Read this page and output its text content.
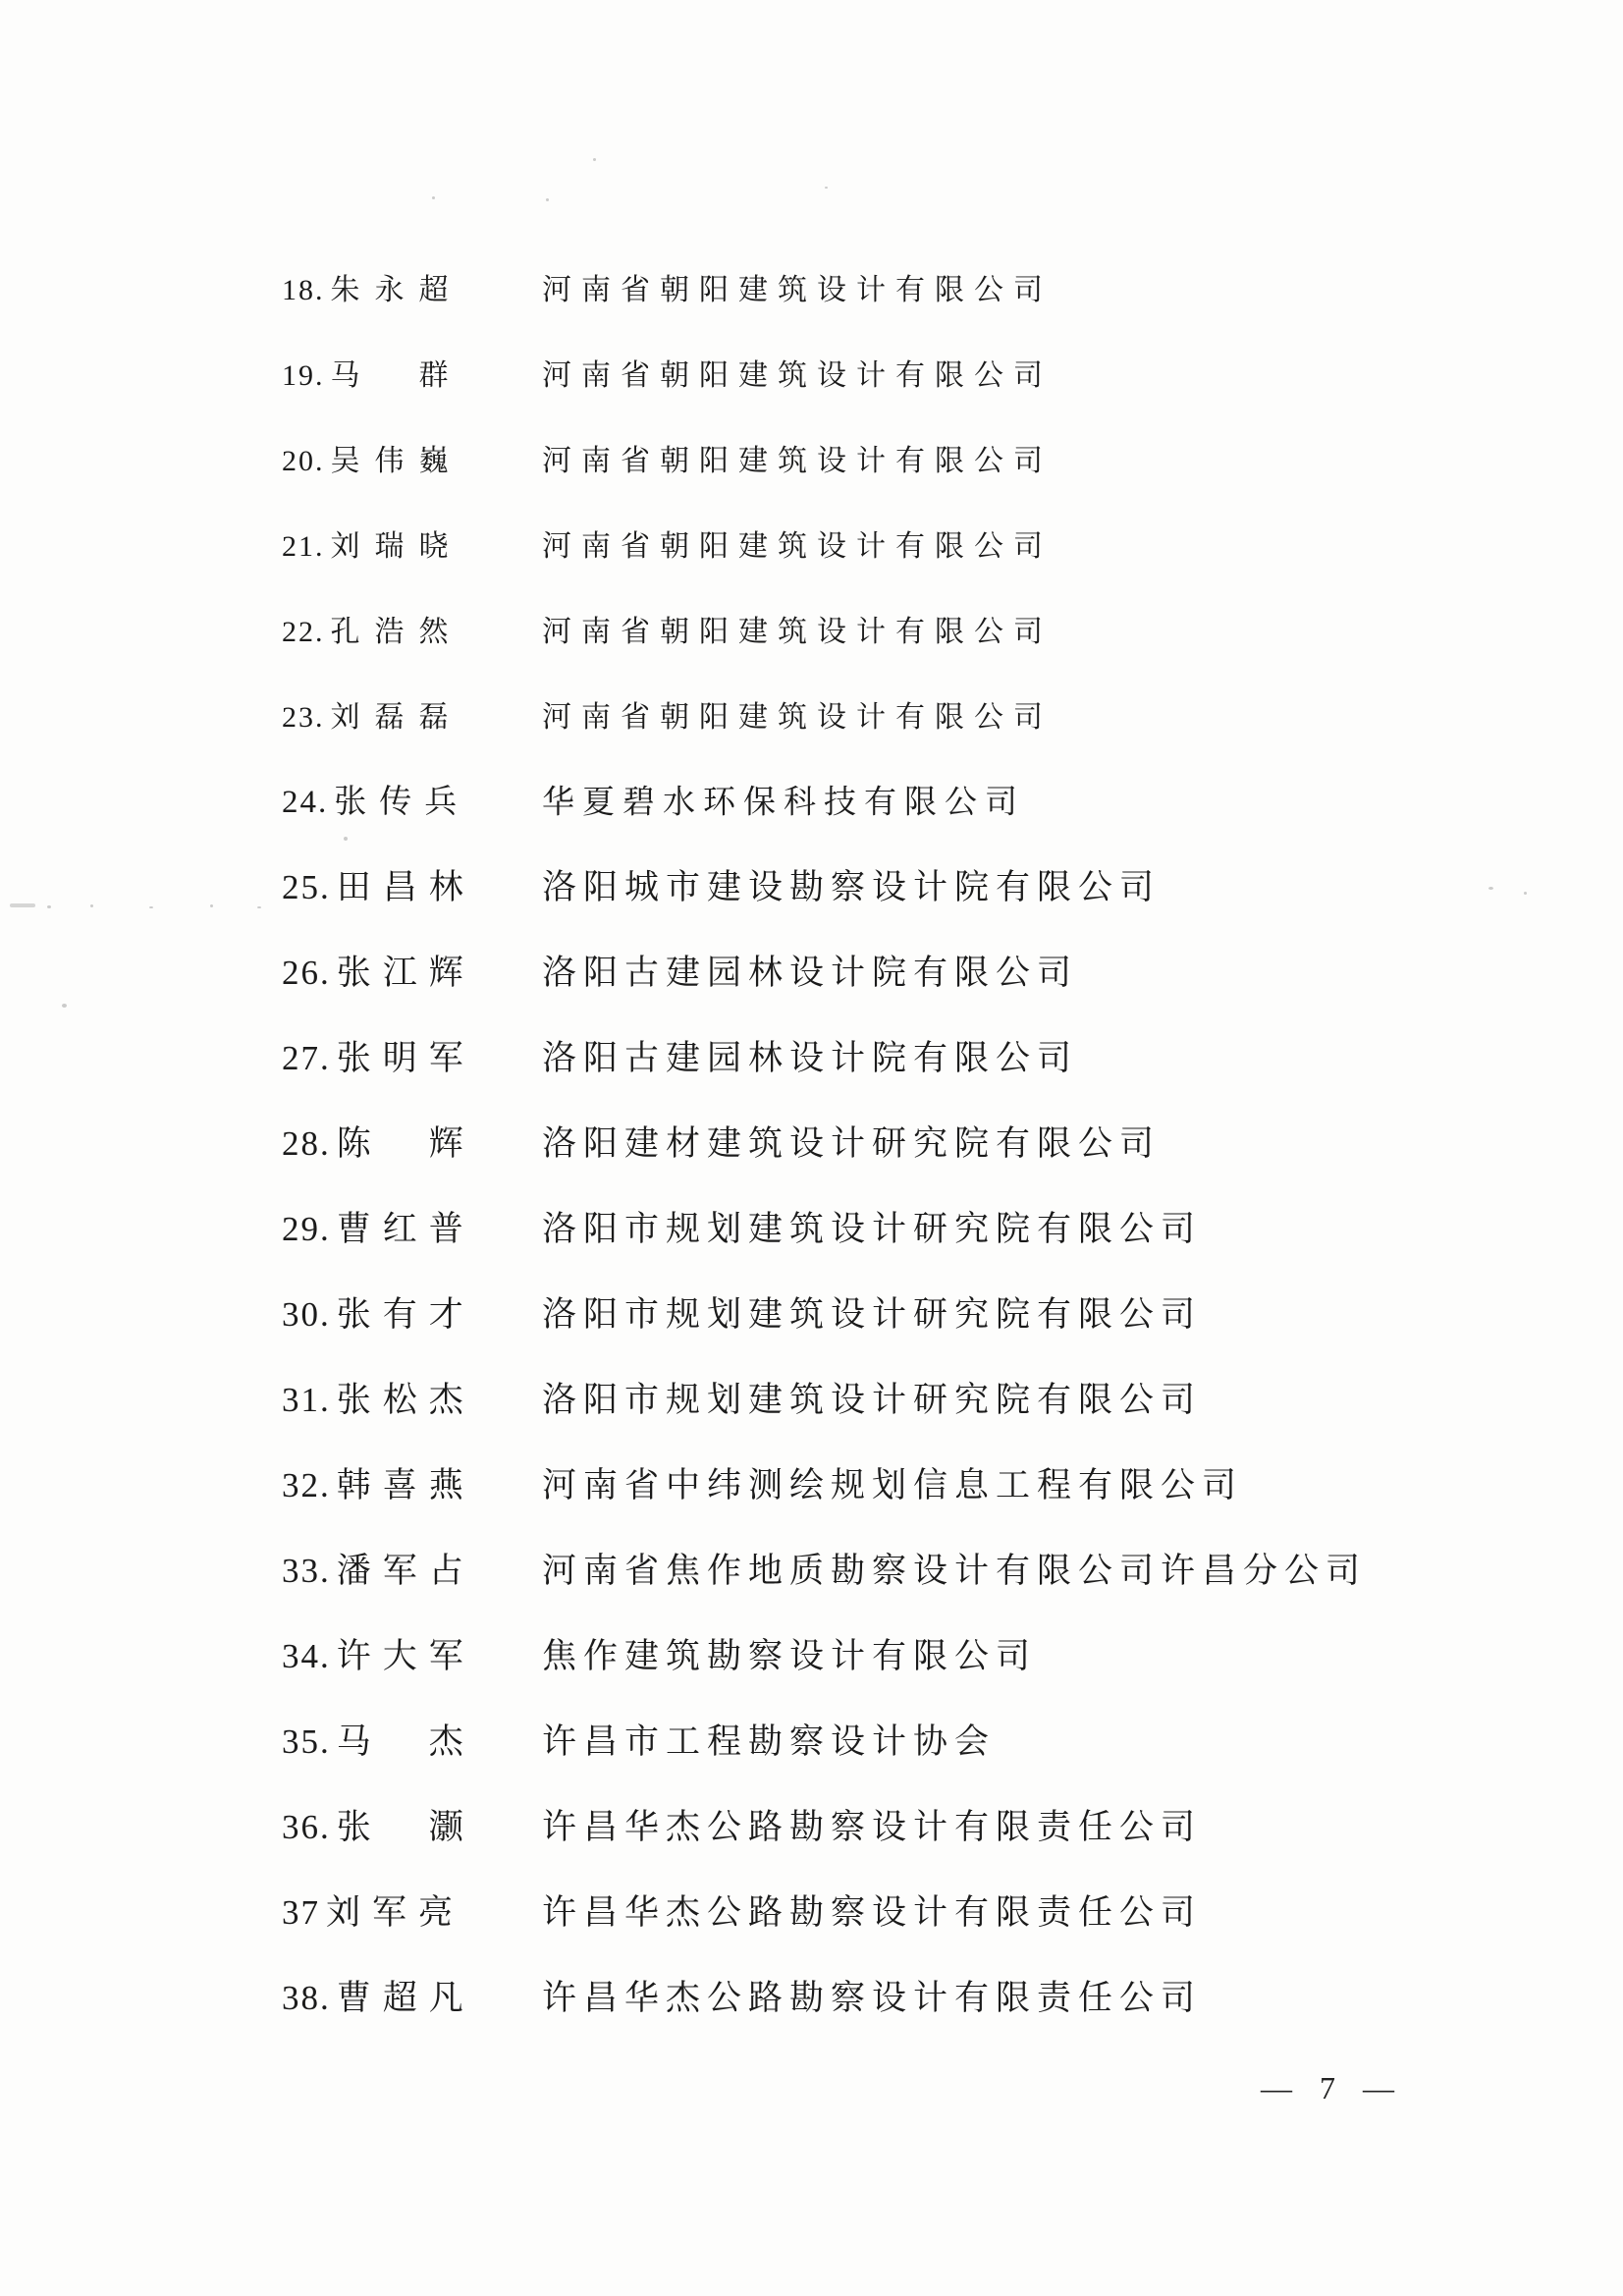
18. 朱永超	河南省朝阳建筑设计有限公司
19. 马　群	河南省朝阳建筑设计有限公司
20. 吴伟巍	河南省朝阳建筑设计有限公司
21. 刘瑞晓	河南省朝阳建筑设计有限公司
22. 孔浩然	河南省朝阳建筑设计有限公司
23. 刘磊磊	河南省朝阳建筑设计有限公司
24. 张传兵 华夏碧水环保科技有限公司
25. 田昌林 洛阳城市建设勘察设计院有限公司
26. 张江辉 洛阳古建园林设计院有限公司
27. 张明军 洛阳古建园林设计院有限公司
28. 陈　辉 洛阳建材建筑设计研究院有限公司
29. 曹红普 洛阳市规划建筑设计研究院有限公司
30. 张有才 洛阳市规划建筑设计研究院有限公司
31. 张松杰 洛阳市规划建筑设计研究院有限公司
32. 韩喜燕 河南省中纬测绘规划信息工程有限公司
33. 潘军占 河南省焦作地质勘察设计有限公司许昌分公司
34. 许大军 焦作建筑勘察设计有限公司
35. 马　杰 许昌市工程勘察设计协会
36. 张　灏 许昌华杰公路勘察设计有限责任公司
37 刘军亮 许昌华杰公路勘察设计有限责任公司
38. 曹超凡 许昌华杰公路勘察设计有限责任公司
— 7 —
